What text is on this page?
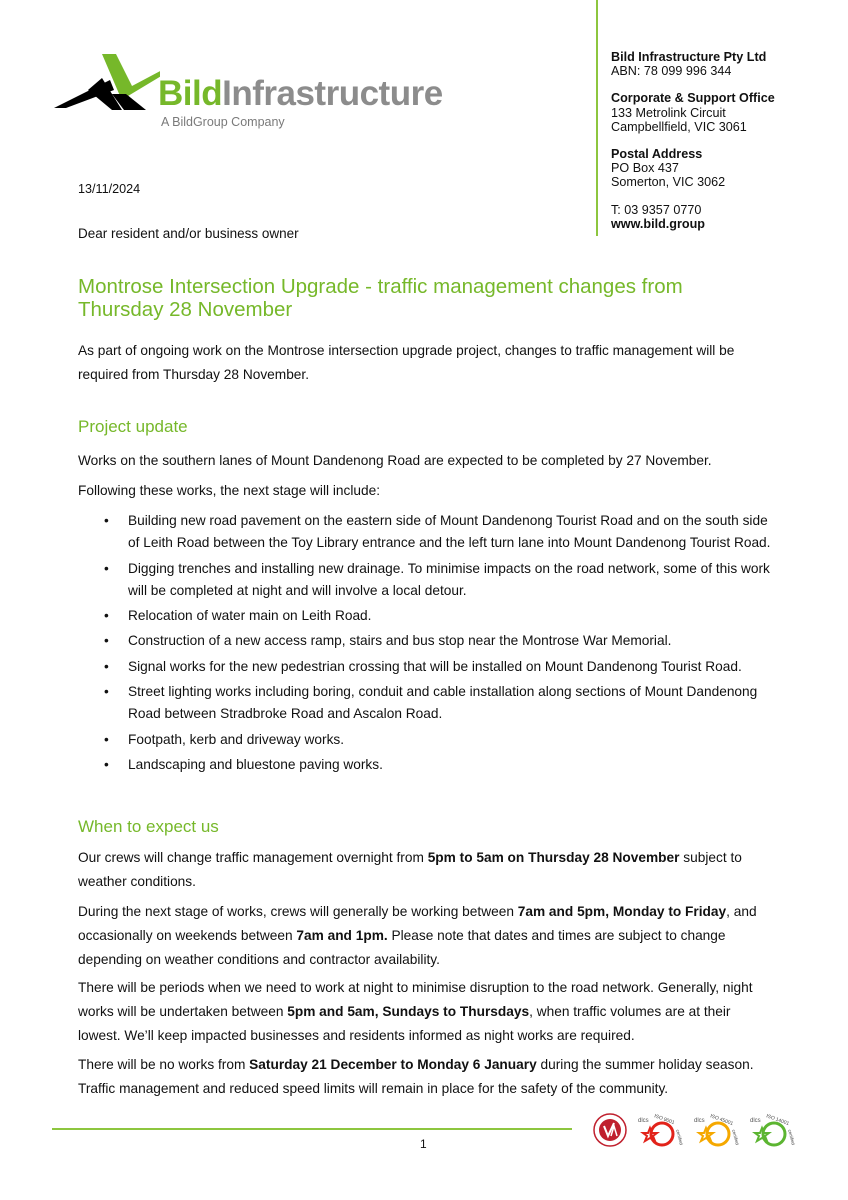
BildInfrastructure
A BildGroup Company
Bild Infrastructure Pty Ltd
ABN: 78 099 996 344
Corporate & Support Office
133 Metrolink Circuit
Campbellfield, VIC 3061
Postal Address
PO Box 437
Somerton, VIC 3062
T: 03 9357 0770
www.bild.group
13/11/2024
Dear resident and/or business owner
Montrose Intersection Upgrade - traffic management changes from Thursday 28 November
As part of ongoing work on the Montrose intersection upgrade project, changes to traffic management will be required from Thursday 28 November.
Project update
Works on the southern lanes of Mount Dandenong Road are expected to be completed by 27 November.
Following these works, the next stage will include:
• Building new road pavement on the eastern side of Mount Dandenong Tourist Road and on the south side of Leith Road between the Toy Library entrance and the left turn lane into Mount Dandenong Tourist Road.
• Digging trenches and installing new drainage. To minimise impacts on the road network, some of this work will be completed at night and will involve a local detour.
• Relocation of water main on Leith Road.
• Construction of a new access ramp, stairs and bus stop near the Montrose War Memorial.
• Signal works for the new pedestrian crossing that will be installed on Mount Dandenong Tourist Road.
• Street lighting works including boring, conduit and cable installation along sections of Mount Dandenong Road between Stradbroke Road and Ascalon Road.
• Footpath, kerb and driveway works.
• Landscaping and bluestone paving works.
When to expect us
Our crews will change traffic management overnight from 5pm to 5am on Thursday 28 November subject to weather conditions.
During the next stage of works, crews will generally be working between 7am and 5pm, Monday to Friday, and occasionally on weekends between 7am and 1pm. Please note that dates and times are subject to change depending on weather conditions and contractor availability.
There will be periods when we need to work at night to minimise disruption to the road network. Generally, night works will be undertaken between 5pm and 5am, Sundays to Thursdays, when traffic volumes are at their lowest. We’ll keep impacted businesses and residents informed as night works are required.
There will be no works from Saturday 21 December to Monday 6 January during the summer holiday season. Traffic management and reduced speed limits will remain in place for the safety of the community.
1
dlcs ISO 9001
certified
dlcs ISO 45001
certified
dlcs ISO 14001
certified
